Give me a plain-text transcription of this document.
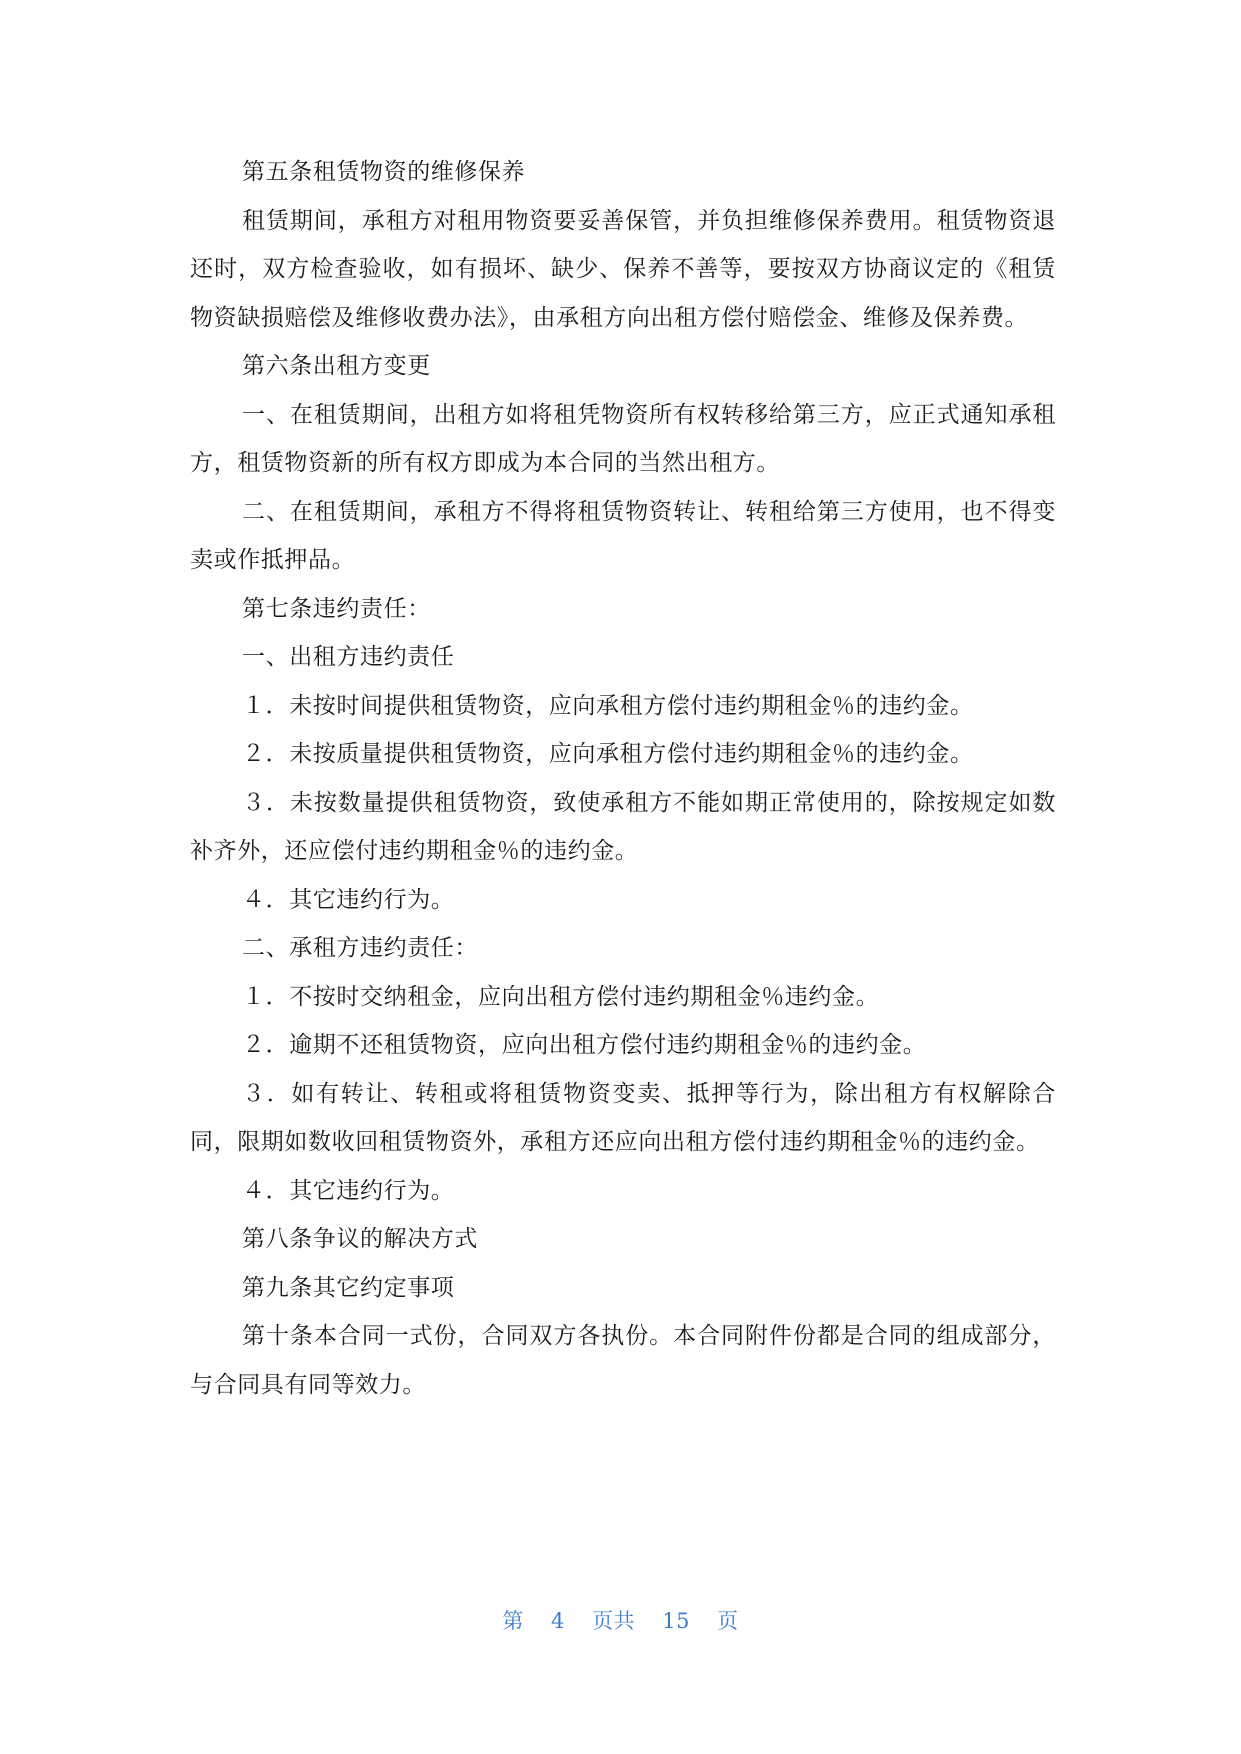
第五条租赁物资的维修保养

租赁期间，承租方对租用物资要妥善保管，并负担维修保养费用。租赁物资退还时，双方检查验收，如有损坏、缺少、保养不善等，要按双方协商议定的《租赁物资缺损赔偿及维修收费办法》，由承租方向出租方偿付赔偿金、维修及保养费。

第六条出租方变更

一、在租赁期间，出租方如将租凭物资所有权转移给第三方，应正式通知承租方，租赁物资新的所有权方即成为本合同的当然出租方。

二、在租赁期间，承租方不得将租赁物资转让、转租给第三方使用，也不得变卖或作抵押品。

第七条违约责任：

一、出租方违约责任

１．未按时间提供租赁物资，应向承租方偿付违约期租金％的违约金。

２．未按质量提供租赁物资，应向承租方偿付违约期租金％的违约金。

３．未按数量提供租赁物资，致使承租方不能如期正常使用的，除按规定如数补齐外，还应偿付违约期租金％的违约金。

４．其它违约行为。

二、承租方违约责任：

１．不按时交纳租金，应向出租方偿付违约期租金％违约金。

２．逾期不还租赁物资，应向出租方偿付违约期租金％的违约金。

３．如有转让、转租或将租赁物资变卖、抵押等行为，除出租方有权解除合同，限期如数收回租赁物资外，承租方还应向出租方偿付违约期租金％的违约金。

４．其它违约行为。

第八条争议的解决方式

第九条其它约定事项

第十条本合同一式份，合同双方各执份。本合同附件份都是合同的组成部分，与合同具有同等效力。

第 4 页共 15 页
